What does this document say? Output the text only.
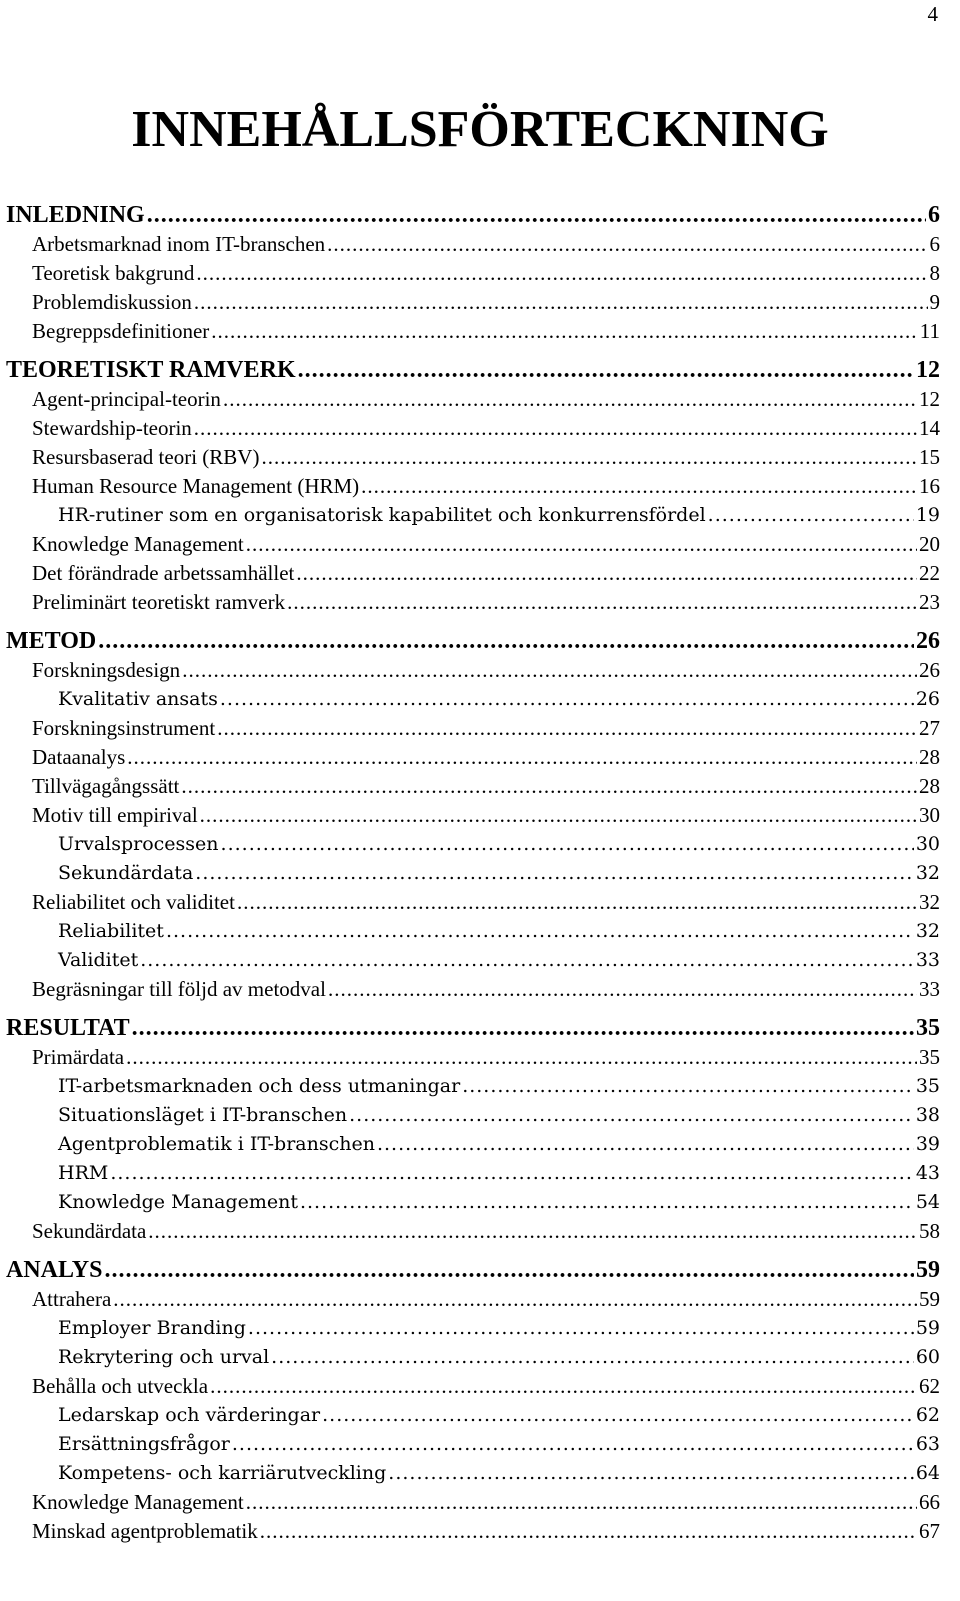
4
INNEHÅLLSFÖRTECKNING
INLEDNING .....	6
Arbetsmarknad inom IT-branschen .....	6
Teoretisk bakgrund .....	8
Problemdiskussion .....	9
Begreppsdefinitioner .....	11
TEORETISKT RAMVERK .....	12
Agent-principal-teorin .....	12
Stewardship-teorin .....	14
Resursbaserad teori (RBV) .....	15
Human Resource Management (HRM) .....	16
HR-rutiner som en organisatorisk kapabilitet och konkurrensfördel .....	19
Knowledge Management .....	20
Det förändrade arbetssamhället .....	22
Preliminärt teoretiskt ramverk .....	23
METOD .....	26
Forskningsdesign .....	26
Kvalitativ ansats .....	26
Forskningsinstrument .....	27
Dataanalys .....	28
Tillvägagångssätt .....	28
Motiv till empirival .....	30
Urvalsprocessen .....	30
Sekundärdata .....	32
Reliabilitet och validitet .....	32
Reliabilitet .....	32
Validitet .....	33
Begräsningar till följd av metodval .....	33
RESULTAT .....	35
Primärdata .....	35
IT-arbetsmarknaden och dess utmaningar .....	35
Situationsläget i IT-branschen .....	38
Agentproblematik i IT-branschen .....	39
HRM .....	43
Knowledge Management .....	54
Sekundärdata .....	58
ANALYS .....	59
Attrahera .....	59
Employer Branding .....	59
Rekrytering och urval .....	60
Behålla och utveckla .....	62
Ledarskap och värderingar .....	62
Ersättningsfrågor .....	63
Kompetens- och karriärutveckling .....	64
Knowledge Management .....	66
Minskad agentproblematik .....	67
